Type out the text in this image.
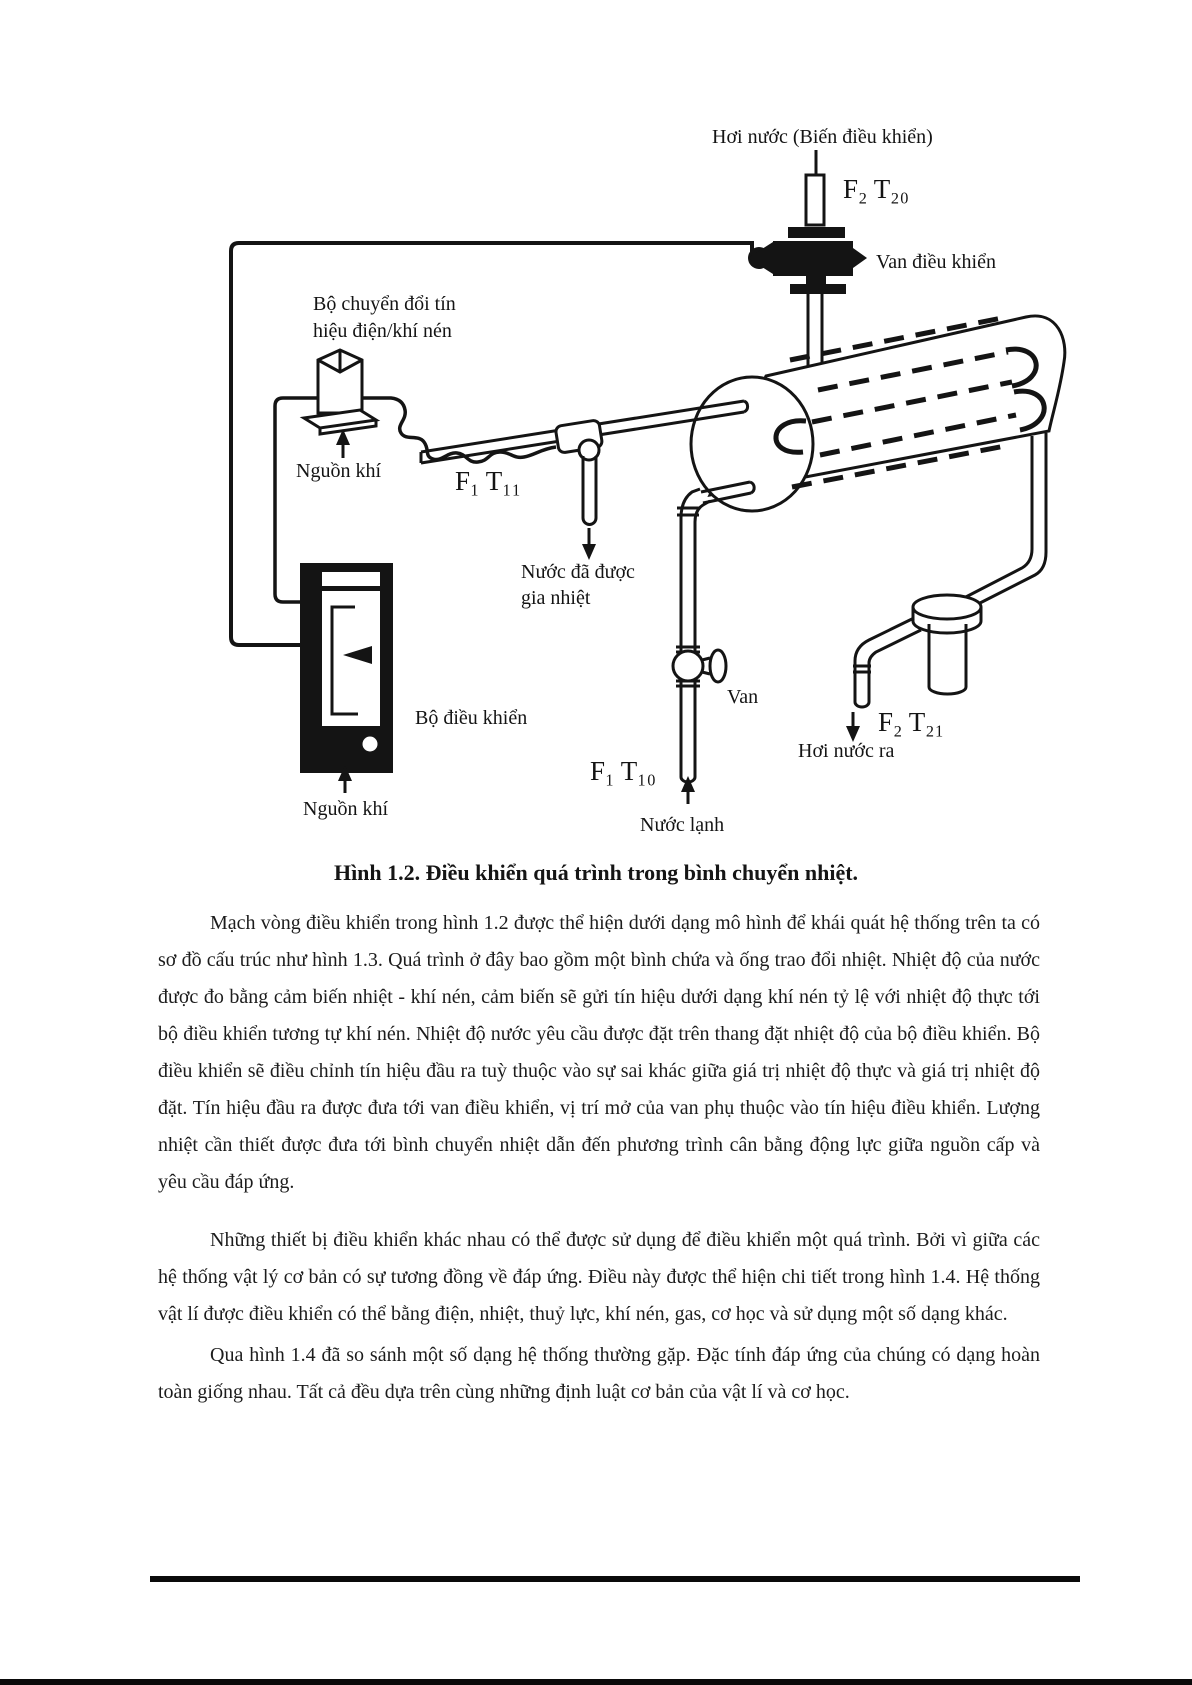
Hơi nước (Biến điều khiển)
F₂ T₂₀
Van điều khiển
Bộ chuyển đổi tín
hiệu điện/khí nén
Nguồn khí	F₁ T₁₁
Nước đã được
gia nhiệt
Van
F₁ T₁₀
Nước lạnh
F₂ T₂₁
Hơi nước ra
Bộ điều khiển
Nguồn khí
Hình 1.2. Điều khiển quá trình trong bình chuyển nhiệt.

Mạch vòng điều khiển trong hình 1.2 được thể hiện dưới dạng mô hình để khái quát hệ thống trên ta có sơ đồ cấu trúc như hình 1.3. Quá trình ở đây bao gồm một bình chứa và ống trao đổi nhiệt. Nhiệt độ của nước được đo bằng cảm biến nhiệt - khí nén, cảm biến sẽ gửi tín hiệu dưới dạng khí nén tỷ lệ với nhiệt độ thực tới bộ điều khiển tương tự khí nén. Nhiệt độ nước yêu cầu được đặt trên thang đặt nhiệt độ của bộ điều khiển. Bộ điều khiển sẽ điều chỉnh tín hiệu đầu ra tuỳ thuộc vào sự sai khác giữa giá trị nhiệt độ thực và giá trị nhiệt độ đặt. Tín hiệu đầu ra được đưa tới van điều khiển, vị trí mở của van phụ thuộc vào tín hiệu điều khiển. Lượng nhiệt cần thiết được đưa tới bình chuyển nhiệt dẫn đến phương trình cân bằng động lực giữa nguồn cấp và yêu cầu đáp ứng.

Những thiết bị điều khiển khác nhau có thể được sử dụng để điều khiển một quá trình. Bởi vì giữa các hệ thống vật lý cơ bản có sự tương đồng về đáp ứng. Điều này được thể hiện chi tiết trong hình 1.4. Hệ thống vật lí được điều khiển có thể bằng điện, nhiệt, thuỷ lực, khí nén, gas, cơ học và sử dụng một số dạng khác.

Qua hình 1.4 đã so sánh một số dạng hệ thống thường gặp. Đặc tính đáp ứng của chúng có dạng hoàn toàn giống nhau. Tất cả đều dựa trên cùng những định luật cơ bản của vật lí và cơ học.
